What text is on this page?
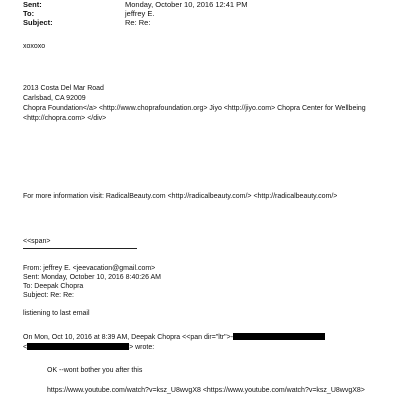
Sent:	Monday, October 10, 2016 12:41 PM
To:	jeffrey E.
Subject:	Re: Re:
xoxoxo
2013 Costa Del Mar Road
Carlsbad, CA 92009
Chopra Foundation</a> <http://www.choprafoundation.org> Jiyo <http://jiyo.com> Chopra Center for Wellbeing
<http://chopra.com> </div>
For more information visit: RadicalBeauty.com <http://radicalbeauty.com/> <http://radicalbeauty.com/>
<<span>
From: jeffrey E. <jeevacation@gmail.com>
Sent: Monday, October 10, 2016 8:40:26 AM
To: Deepak Chopra
Subject: Re: Re:
listiening to last email
On Mon, Oct 10, 2016 at 8:39 AM, Deepak Chopra <<pan dir="ltr">-
<	> wrote:
OK --wont bother you after this
https://www.youtube.com/watch?v=ksz_U8wvgX8 <https://www.youtube.com/watch?v=ksz_U8wvgX8>
